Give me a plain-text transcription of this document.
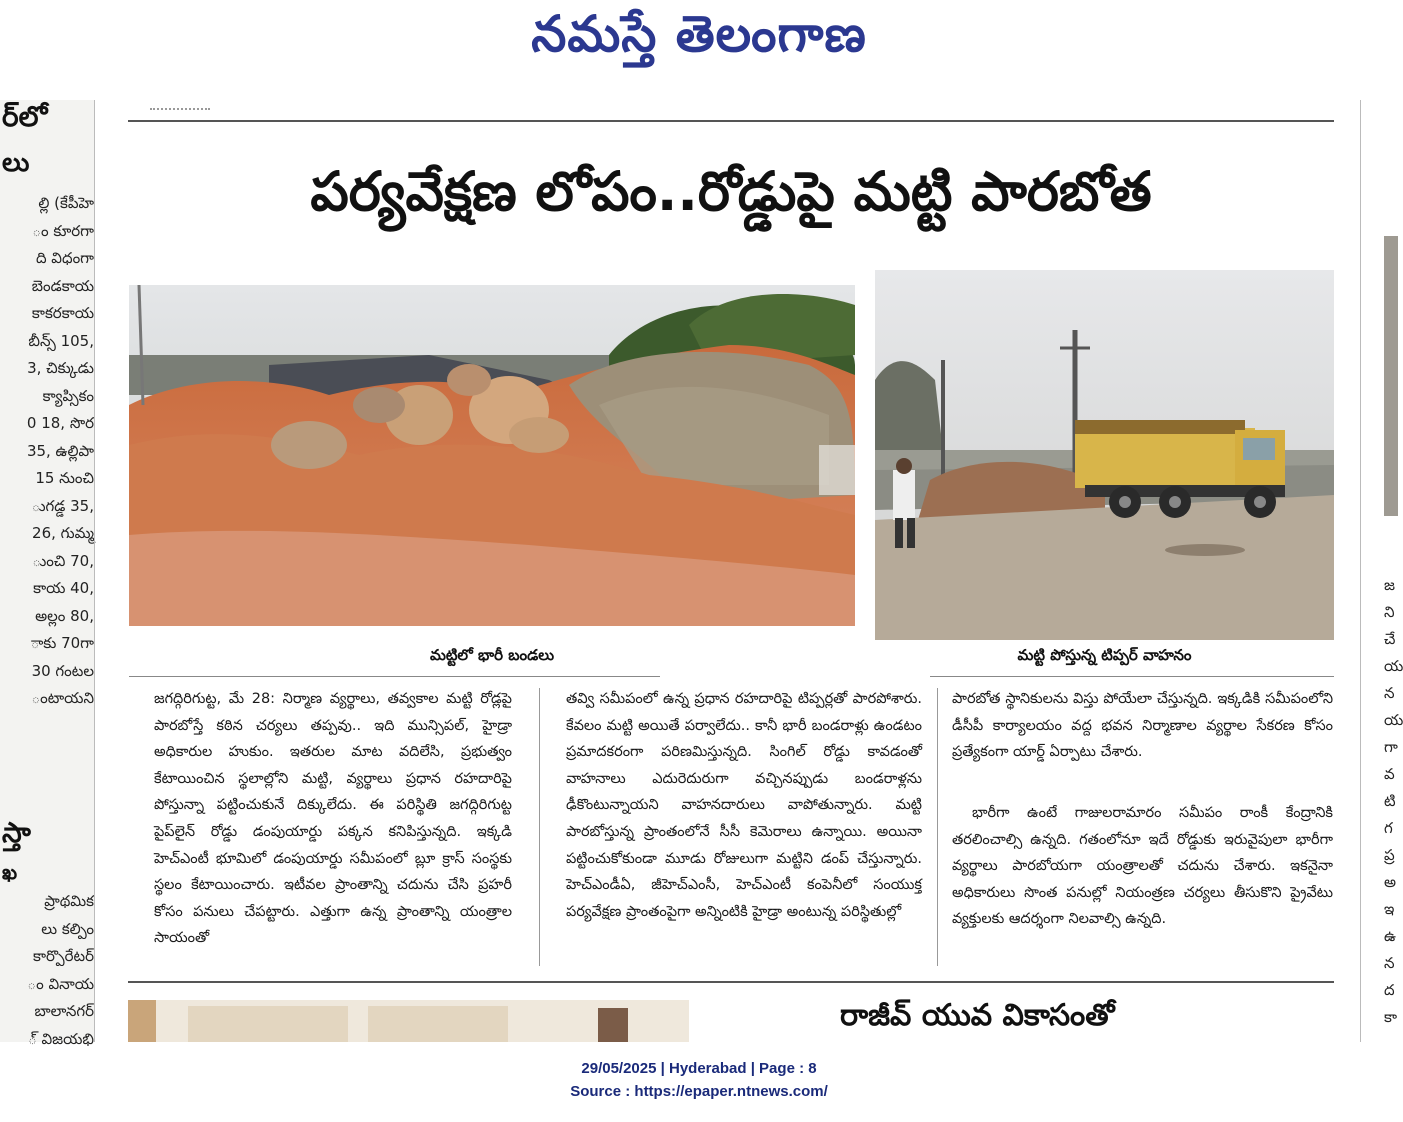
నమస్తే తెలంగాణ
ర్‌లో
లు
ల్లి (కేపీహె
ం కూరగా
ది విధంగా
బెండకాయ
కాకరకాయ
బీన్స్‌ 105,
3, చిక్కుడు
క్యాప్సికం
0 18, సొర
35, ఉల్లిపా
15 నుంచి
ుగడ్డ 35,
26, గుమ్మ
ుంచి 70,
కాయ 40,
అల్లం 80,
ాకు 70గా
30 గంటల
ంటాయని
స్తా
ఖ
ప్రాథమిక
లు కల్పిం
కార్పొరేటర్‌
ం వినాయ
బాలానగర్‌
్‌ విజయభి
పర్యవేక్షణ లోపం..రోడ్డుపై మట్టి పారబోత
మట్టిలో భారీ బండలు	మట్టి పోస్తున్న టిప్పర్‌ వాహనం
జగద్గిరిగుట్ట, మే 28: నిర్మాణ వ్యర్థాలు, తవ్వకాల మట్టి రోడ్లపై పారబోస్తే కఠిన చర్యలు తప్పవు.. ఇది మున్సిపల్‌, హైడ్రా అధికారుల హుకుం. ఇతరుల మాట వదిలేసి, ప్రభుత్వం కేటాయించిన స్థలాల్లోని మట్టి, వ్యర్థాలు ప్రధాన రహదారిపై పోస్తున్నా పట్టించుకునే దిక్కులేదు. ఈ పరిస్థితి జగద్గిరిగుట్ట పైప్‌లైన్‌ రోడ్డు డంపుయార్డు పక్కన కనిపిస్తున్నది. ఇక్కడి హెచ్‌ఎంటీ భూమిలో డంపుయార్డు సమీపంలో బ్లూ క్రాస్‌ సంస్థకు స్థలం కేటాయించారు. ఇటీవల ప్రాంతాన్ని చదును చేసి ప్రహరీ కోసం పనులు చేపట్టారు. ఎత్తుగా ఉన్న ప్రాంతాన్ని యంత్రాల సాయంతో
తవ్వి సమీపంలో ఉన్న ప్రధాన రహదారిపై టిప్పర్లతో పారపోశారు. కేవలం మట్టి అయితే పర్వాలేదు.. కానీ భారీ బండరాళ్లు ఉండటం ప్రమాదకరంగా పరిణమిస్తున్నది. సింగిల్‌ రోడ్డు కావడంతో వాహనాలు ఎదురెదురుగా వచ్చినప్పుడు బండరాళ్లను ఢీకొంటున్నాయని వాహనదారులు వాపోతున్నారు. మట్టి పారబోస్తున్న ప్రాంతంలోనే సీసీ కెమెరాలు ఉన్నాయి. అయినా పట్టించుకోకుండా మూడు రోజులుగా మట్టిని డంప్‌ చేస్తున్నారు. హెచ్‌ఎండీఏ, జీహెచ్‌ఎంసీ, హెచ్‌ఎంటీ కంపెనీలో సంయుక్త పర్యవేక్షణ ప్రాంతంపైగా అన్నింటికి హైడ్రా అంటున్న పరిస్థితుల్లో
పారబోత స్థానికులను విస్తు పోయేలా చేస్తున్నది. ఇక్కడికి సమీపంలోని డీసీపీ కార్యాలయం వద్ద భవన నిర్మాణాల వ్యర్థాల సేకరణ కోసం ప్రత్యేకంగా యార్డ్‌ ఏర్పాటు చేశారు.
భారీగా ఉంటే గాజులరామారం సమీపం రాంకీ కేంద్రానికి తరలించాల్సి ఉన్నది. గతంలోనూ ఇదే రోడ్డుకు ఇరువైపులా భారీగా వ్యర్థాలు పారబోయగా యంత్రాలతో చదును చేశారు. ఇకనైనా అధికారులు సొంత పనుల్లో నియంత్రణ చర్యలు తీసుకొని ప్రైవేటు వ్యక్తులకు ఆదర్శంగా నిలవాల్సి ఉన్నది.
రాజీవ్‌ యువ వికాసంతో
జ
ని
చే
య
న
య
గా
వ
టి
గ
ప్ర
అ
ఇ
ఉ
న
ద
కా
29/05/2025 | Hyderabad | Page : 8
Source : https://epaper.ntnews.com/
